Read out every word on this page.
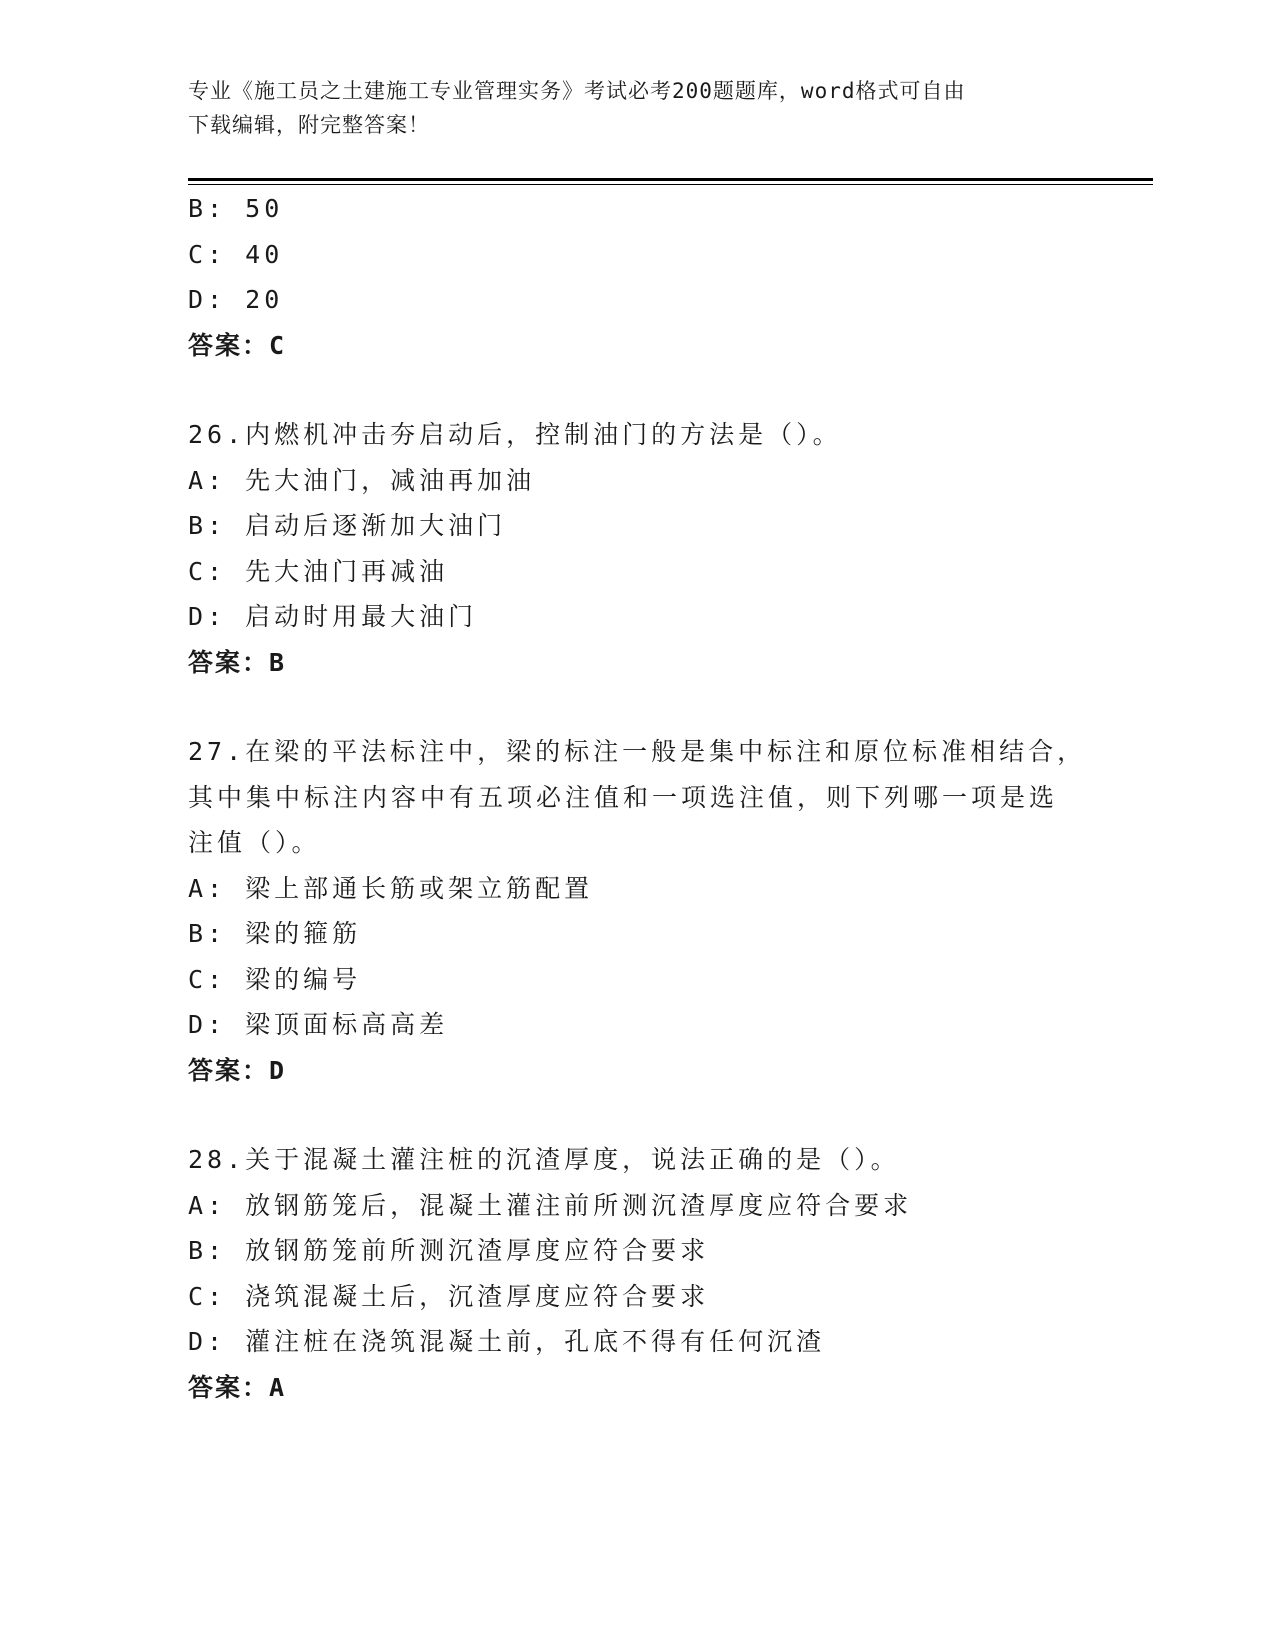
专业《施工员之土建施工专业管理实务》考试必考200题题库，word格式可自由
下载编辑，附完整答案！
B: 50
C: 40
D: 20
答案：C
26.内燃机冲击夯启动后，控制油门的方法是（）。
A: 先大油门，减油再加油
B: 启动后逐渐加大油门
C: 先大油门再减油
D: 启动时用最大油门
答案：B
27.在梁的平法标注中，梁的标注一般是集中标注和原位标准相结合，
其中集中标注内容中有五项必注值和一项选注值，则下列哪一项是选
注值（）。
A: 梁上部通长筋或架立筋配置
B: 梁的箍筋
C: 梁的编号
D: 梁顶面标高高差
答案：D
28.关于混凝土灌注桩的沉渣厚度，说法正确的是（）。
A: 放钢筋笼后，混凝土灌注前所测沉渣厚度应符合要求
B: 放钢筋笼前所测沉渣厚度应符合要求
C: 浇筑混凝土后，沉渣厚度应符合要求
D: 灌注桩在浇筑混凝土前，孔底不得有任何沉渣
答案：A
